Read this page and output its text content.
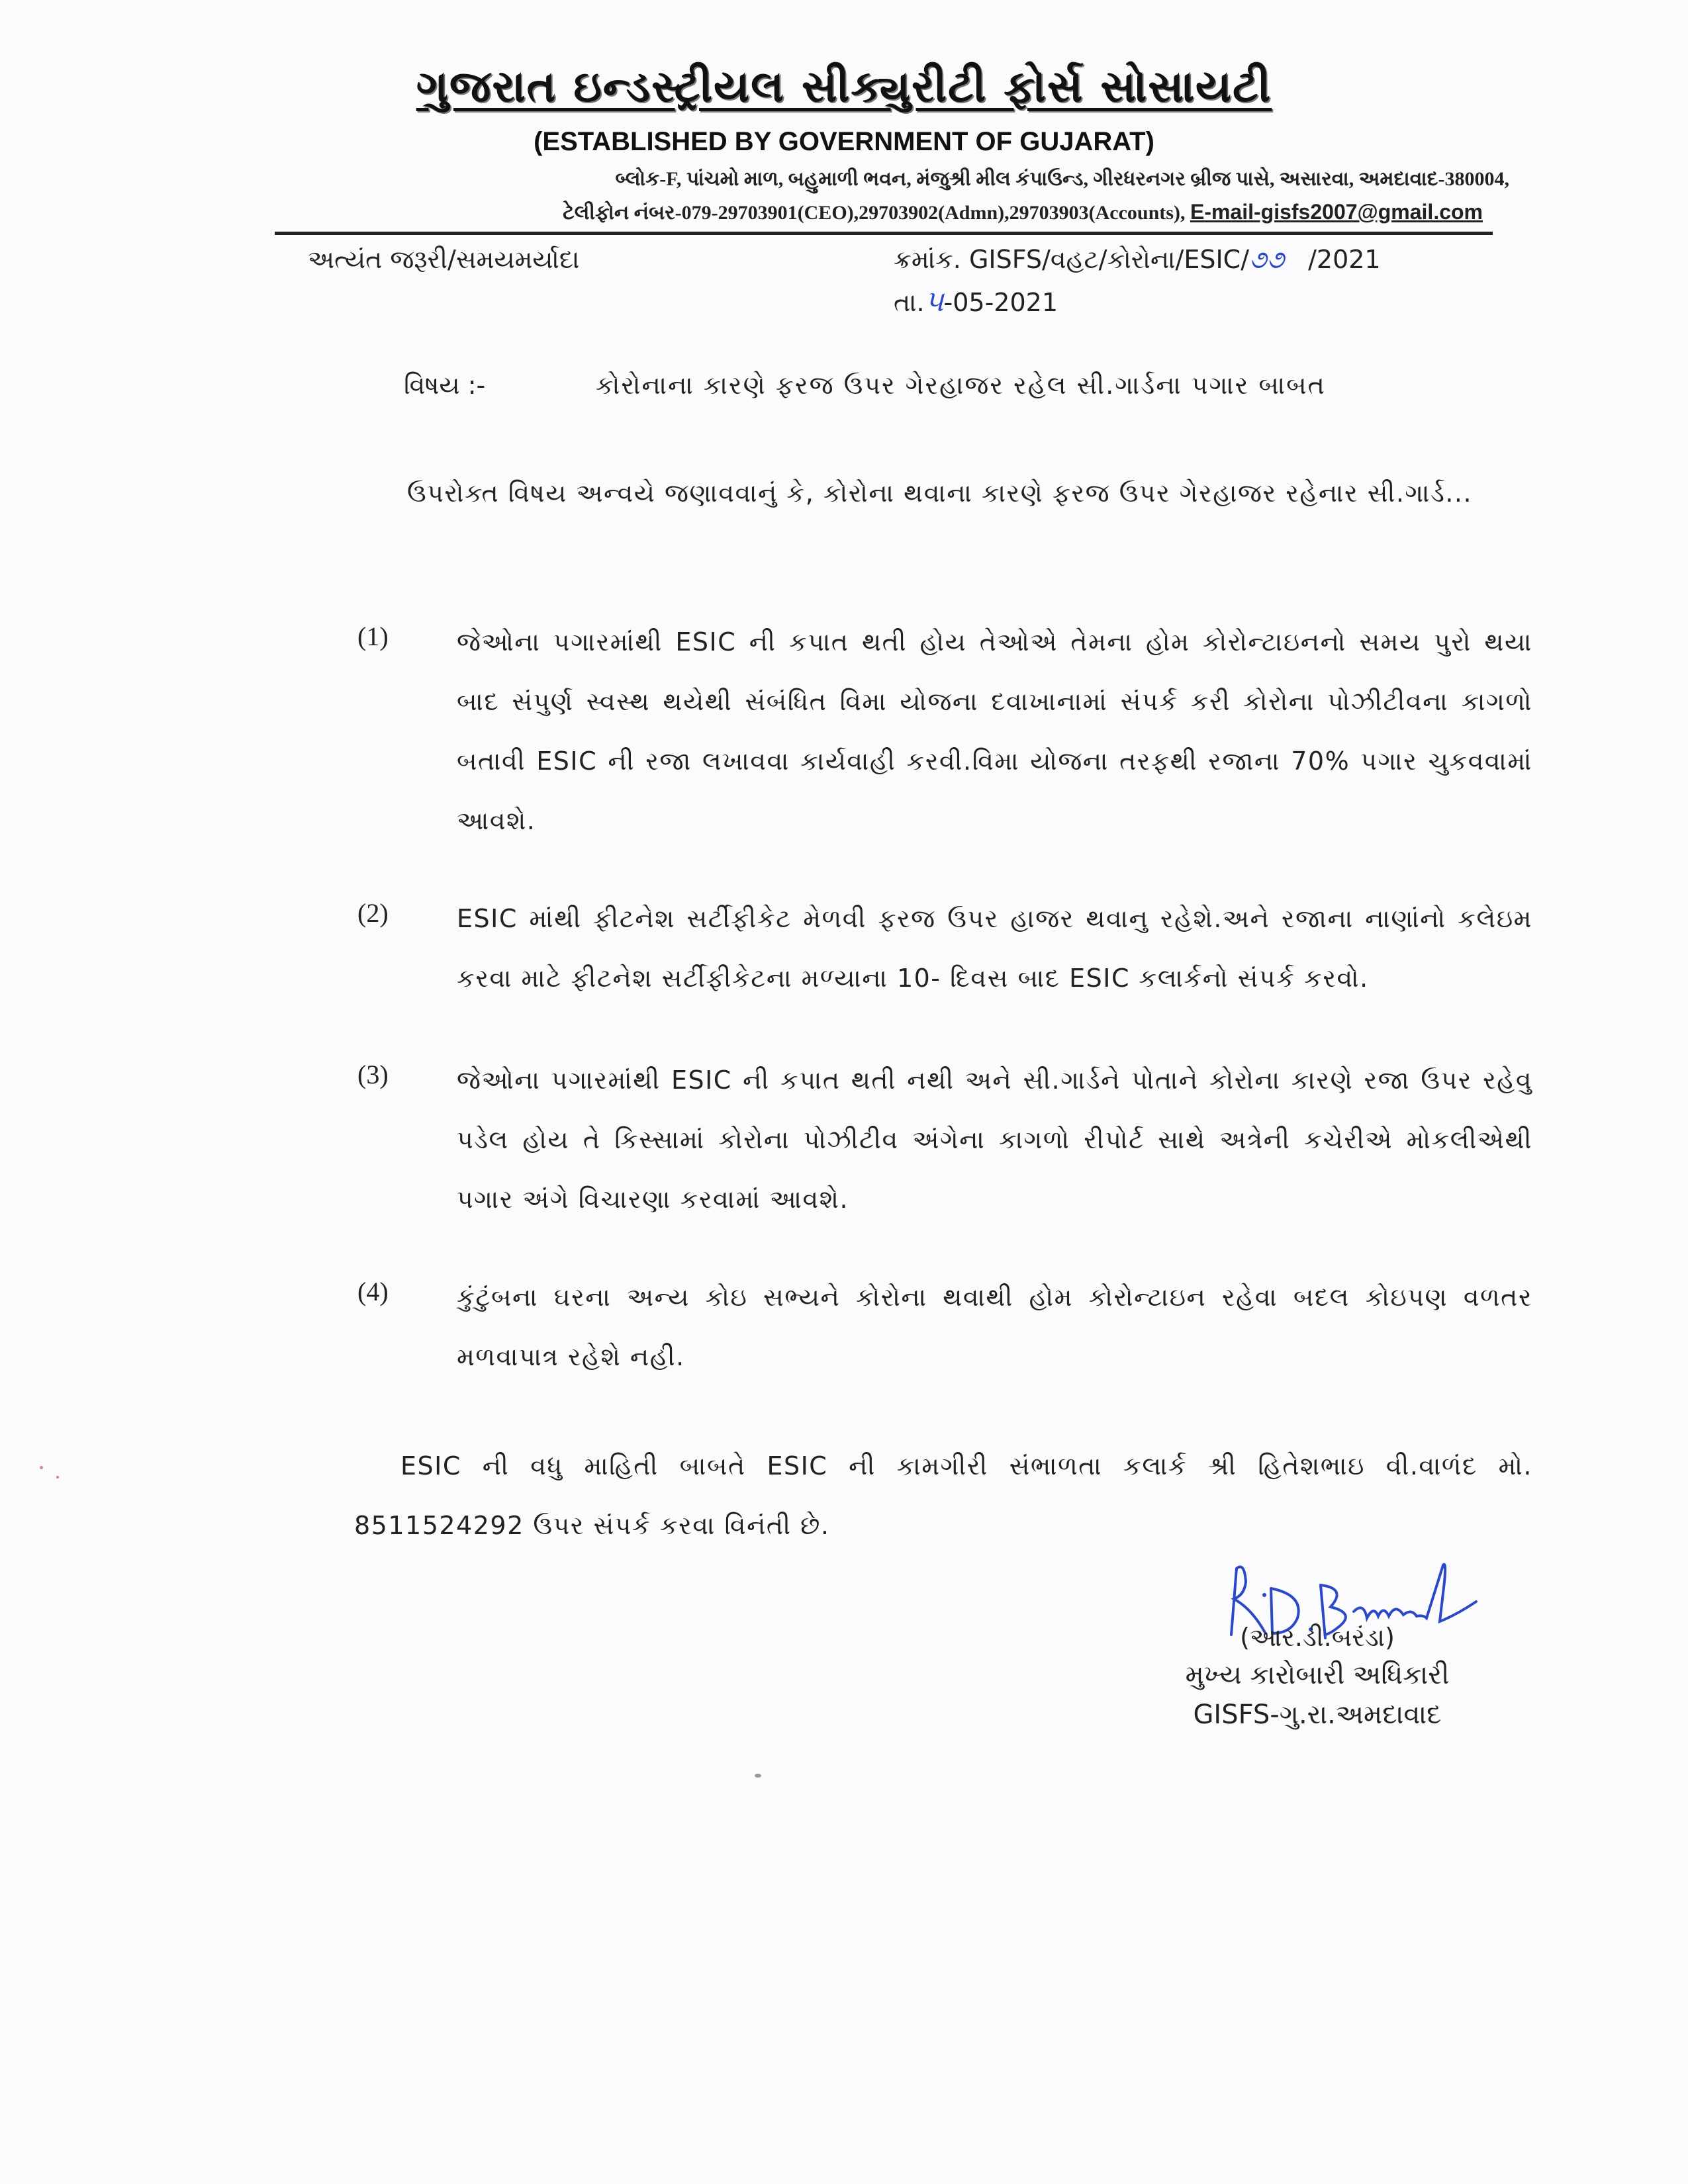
ગુજરાત ઇન્ડસ્ટ્રીયલ સીક્યુરીટી ફોર્સ સોસાયટી
(ESTABLISHED BY GOVERNMENT OF GUJARAT)
બ્લોક-F, પાંચમો માળ, બહુમાળી ભવન, મંજુશ્રી મીલ કંપાઉન્ડ, ગીરધરનગર બ્રીજ પાસે, અસારવા, અમદાવાદ-380004,
ટેલીફોન નંબર-079-29703901(CEO),29703902(Admn),29703903(Accounts), E-mail-gisfs2007@gmail.com
અત્યંત જરૂરી/સમયમર્યાદા	ક્રમાંક. GISFS/વહટ/કોરોના/ESIC/૭૭   /2021
તા.૫-05-2021
વિષય :-	કોરોનાના કારણે ફરજ ઉપર ગેરહાજર રહેલ સી.ગાર્ડના પગાર બાબત
ઉપરોક્ત વિષય અન્વયે જણાવવાનું કે, કોરોના થવાના કારણે ફરજ ઉપર ગેરહાજર રહેનાર સી.ગાર્ડ...
(1)	જેઓના પગારમાંથી ESIC ની કપાત થતી હોય તેઓએ તેમના હોમ કોરોન્ટાઇનનો સમય પુરો થયા બાદ સંપુર્ણ સ્વસ્થ થયેથી સંબંધિત વિમા યોજના દવાખાનામાં સંપર્ક કરી કોરોના પોઝીટીવના કાગળો બતાવી ESIC ની રજા લખાવવા કાર્યવાહી કરવી.વિમા યોજના તરફથી રજાના 70% પગાર ચુકવવામાં આવશે.
(2)	ESIC માંથી ફીટનેશ સર્ટીફીકેટ મેળવી ફરજ ઉપર હાજર થવાનુ રહેશે.અને રજાના નાણાંનો કલેઇમ કરવા માટે ફીટનેશ સર્ટીફીકેટના મળ્યાના 10- દિવસ બાદ ESIC કલાર્કનો સંપર્ક કરવો.
(3)	જેઓના પગારમાંથી ESIC ની કપાત થતી નથી અને સી.ગાર્ડને પોતાને કોરોના કારણે રજા ઉપર રહેવુ પડેલ હોય તે કિસ્સામાં કોરોના પોઝીટીવ અંગેના કાગળો રીપોર્ટ સાથે અત્રેની કચેરીએ મોકલીએથી પગાર અંગે વિચારણા કરવામાં આવશે.
(4)	કુંટુંબના ઘરના અન્ય કોઇ સભ્યને કોરોના થવાથી હોમ કોરોન્ટાઇન રહેવા બદલ કોઇપણ વળતર મળવાપાત્ર રહેશે નહી.
ESIC ની વધુ માહિતી બાબતે ESIC ની કામગીરી સંભાળતા કલાર્ક શ્રી હિતેશભાઇ વી.વાળંદ મો. 8511524292 ઉપર સંપર્ક કરવા વિનંતી છે.
R.D. Baranda
(આર.ડી.બરંડા)
મુખ્ય કારોબારી અધિકારી
GISFS-ગુ.રા.અમદાવાદ
